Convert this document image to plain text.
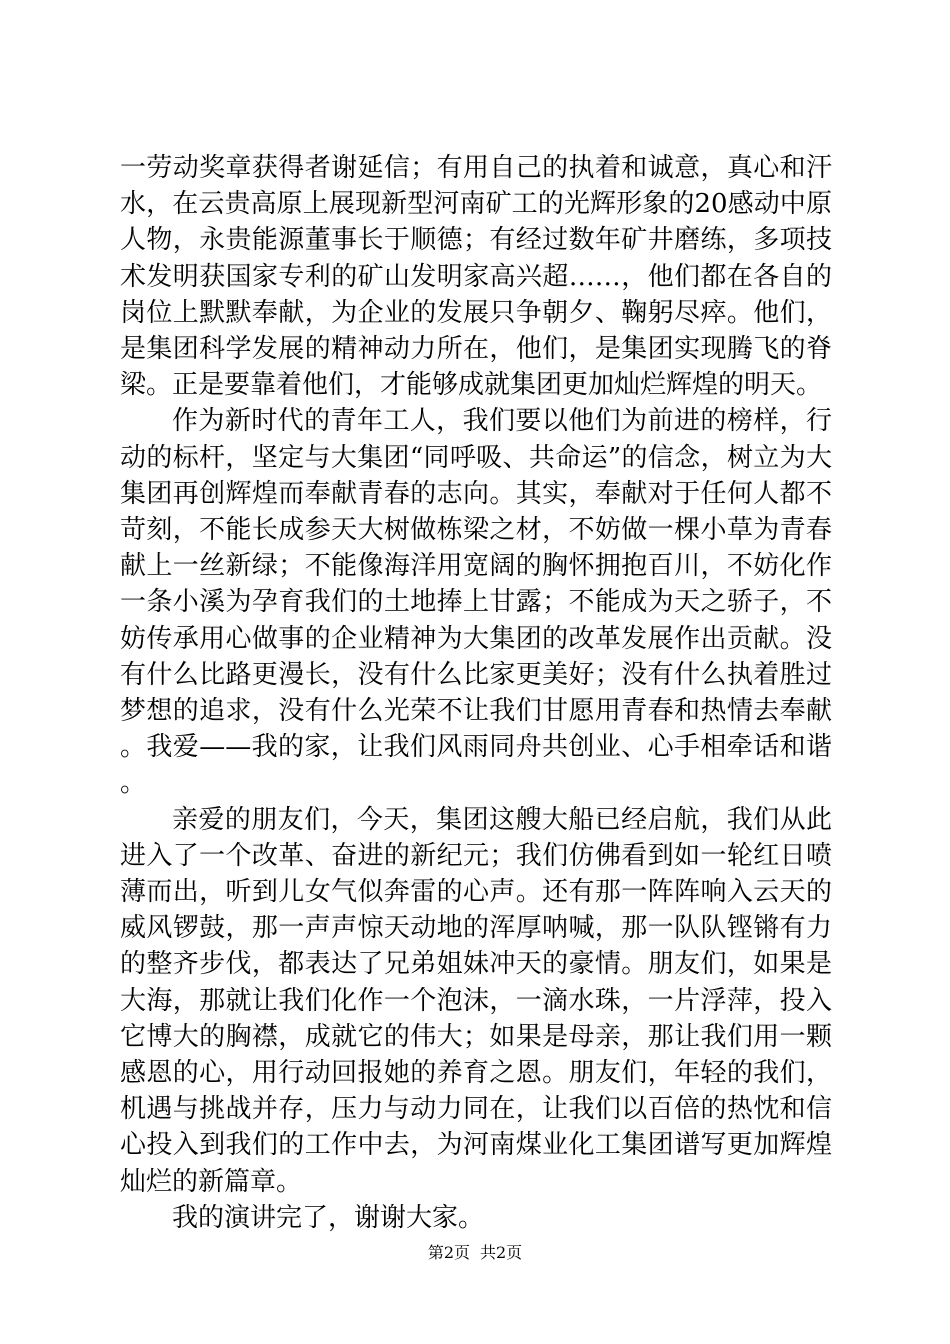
一劳动奖章获得者谢延信；有用自己的执着和诚意，真心和汗水，在云贵高原上展现新型河南矿工的光辉形象的20感动中原人物，永贵能源董事长于顺德；有经过数年矿井磨练，多项技术发明获国家专利的矿山发明家高兴超……，他们都在各自的岗位上默默奉献，为企业的发展只争朝夕、鞠躬尽瘁。他们，是集团科学发展的精神动力所在，他们，是集团实现腾飞的脊梁。正是要靠着他们，才能够成就集团更加灿烂辉煌的明天。

作为新时代的青年工人，我们要以他们为前进的榜样，行动的标杆，坚定与大集团“同呼吸、共命运”的信念，树立为大集团再创辉煌而奉献青春的志向。其实，奉献对于任何人都不苛刻，不能长成参天大树做栋梁之材，不妨做一棵小草为青春献上一丝新绿；不能像海洋用宽阔的胸怀拥抱百川，不妨化作一条小溪为孕育我们的土地捧上甘露；不能成为天之骄子，不妨传承用心做事的企业精神为大集团的改革发展作出贡献。没有什么比路更漫长，没有什么比家更美好；没有什么执着胜过梦想的追求，没有什么光荣不让我们甘愿用青春和热情去奉献。我爱——我的家，让我们风雨同舟共创业、心手相牵话和谐。

亲爱的朋友们，今天，集团这艘大船已经启航，我们从此进入了一个改革、奋进的新纪元；我们仿佛看到如一轮红日喷薄而出，听到儿女气似奔雷的心声。还有那一阵阵响入云天的威风锣鼓，那一声声惊天动地的浑厚呐喊，那一队队铿锵有力的整齐步伐，都表达了兄弟姐妹冲天的豪情。朋友们，如果是大海，那就让我们化作一个泡沫，一滴水珠，一片浮萍，投入它博大的胸襟，成就它的伟大；如果是母亲，那让我们用一颗感恩的心，用行动回报她的养育之恩。朋友们，年轻的我们，机遇与挑战并存，压力与动力同在，让我们以百倍的热忱和信心投入到我们的工作中去，为河南煤业化工集团谱写更加辉煌灿烂的新篇章。

我的演讲完了，谢谢大家。

第2页 共2页
